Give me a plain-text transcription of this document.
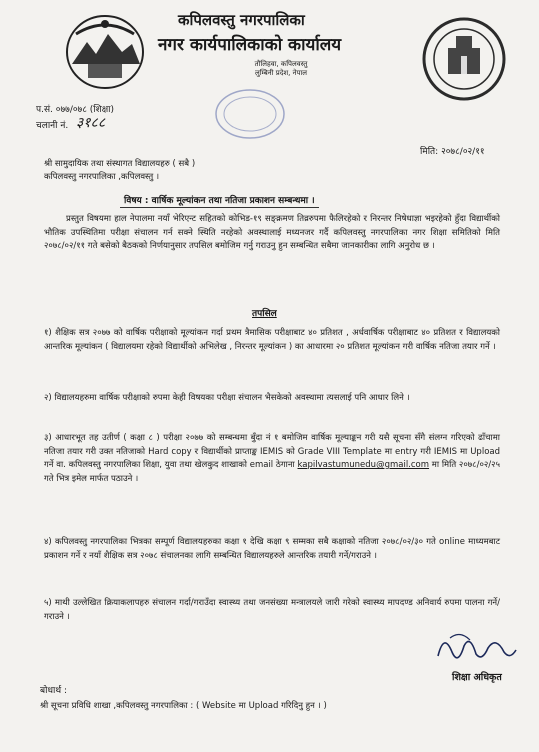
कपिलवस्तु नगरपालिका
नगर कार्यपालिकाको कार्यालय
तौलिहवा, कपिलवस्तु
लुम्बिनी प्रदेश, नेपाल
प.सं. ०७७/०७८ (शिक्षा)
चलानी नं. ३१८८
मिति: २०७८/०२/११
श्री सामुदायिक तथा संस्थागत विद्यालयहरु ( सबै )
कपिलवस्तु नगरपालिका ,कपिलवस्तु ।
विषय : वार्षिक मूल्यांकन तथा नतिजा प्रकाशन सम्बन्धमा ।
प्रस्तुत विषयमा हाल नेपालमा नयाँ भेरिएन्ट सहितको कोभिड-१९ सङ्क्रमण तिव्ररुपमा फैलिरहेको र निरन्तर निषेधाज्ञा भइरहेको हुँदा विद्यार्थीको भौतिक उपस्थितिमा परीक्षा संचालन गर्न सक्ने स्थिति नरहेको अवस्थालाई मध्यनजर गर्दै कपिलवस्तु नगरपालिका नगर शिक्षा समितिको मिति २०७८/०२/११ गते बसेको बैठकको निर्णयानुसार तपसिल बमोजिम गर्नु गराउनु हुन सम्बन्धित सबैमा जानकारीका लागि अनुरोध छ ।
तपसिल
१) शैक्षिक सत्र २०७७ को वार्षिक परीक्षाको मूल्यांकन गर्दा प्रथम त्रैमासिक परीक्षाबाट ४० प्रतिशत , अर्धवार्षिक परीक्षाबाट ४० प्रतिशत र विद्यालयको आन्तरिक मूल्यांकन ( विद्यालयमा रहेको विद्यार्थीको अभिलेख , निरन्तर मूल्यांकन ) का आधारमा २० प्रतिशत मूल्यांकन गरी वार्षिक नतिजा तयार गर्ने ।
२) विद्यालयहरुमा वार्षिक परीक्षाको रुपमा केही विषयका परीक्षा संचालन भैसकेको अवस्थामा त्यसलाई पनि आधार लिने ।
३) आधारभूत तह उतीर्ण ( कक्षा ८ ) परीक्षा २०७७ को सम्बन्धमा बुँदा नं १ बमोजिम वार्षिक मूल्याङ्कन गरी यसै सूचना सँगै संलग्न गरिएको ढाँचामा नतिजा तयार गरी उक्त नतिजाको Hard copy र विद्यार्थीको प्राप्ताङ्क IEMIS को Grade VIII Template मा entry गरी IEMIS मा Upload गर्ने वा. कपिलवस्तु नगरपालिका शिक्षा, युवा तथा खेलकुद शाखाको email ठेगाना kapilvastumunedu@gmail.com मा मिति २०७८/०२/२५ गते भित्र इमेल मार्फत पठाउने ।
४) कपिलवस्तु नगरपालिका भित्रका सम्पूर्ण विद्यालयहरुका कक्षा १ देखि कक्षा ९ सम्मका सबै कक्षाको नतिजा २०७८/०२/३० गते online माध्यमबाट प्रकाशन गर्ने र नयाँ शैक्षिक सत्र २०७८ संचालनका लागि सम्बन्धित विद्यालयहरुले आन्तरिक तयारी गर्ने/गराउने ।
५) माथी उल्लेखित क्रियाकलापहरु संचालन गर्दा/गराउँदा स्वास्थ्य तथा जनसंख्या मन्त्रालयले जारी गरेको स्वास्थ्य मापदण्ड अनिवार्य रुपमा पालना गर्ने/गराउने ।
शिक्षा अधिकृत
बोधार्थ :
श्री सूचना प्रविधि शाखा ,कपिलवस्तु नगरपालिका : ( Website मा Upload गरिदिनु हुन । )
